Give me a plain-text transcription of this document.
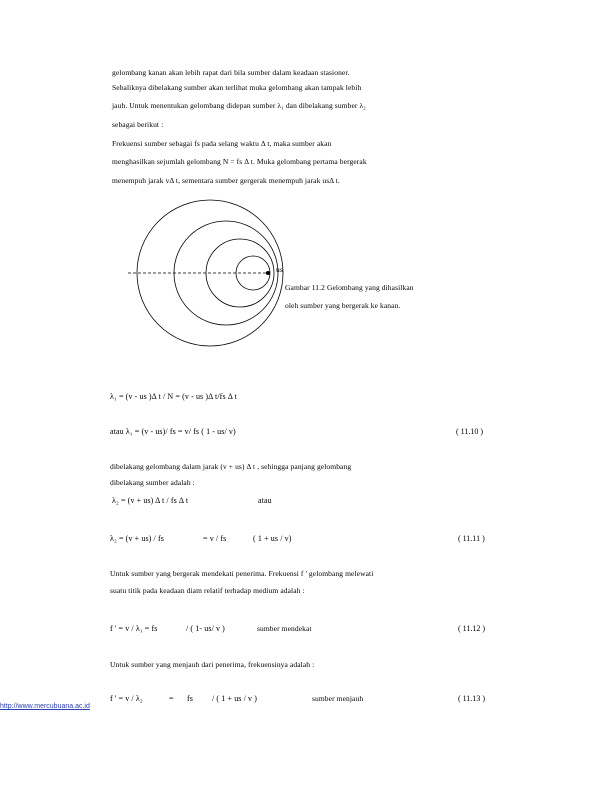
gelombang kanan akan lebih rapat dari bila sumber dalam keadaan stasioner.
Sebaliknya dibelakang sumber akan terlihat muka gelombang akan tampak lebih
jauh. Untuk menentukan gelombang didepan sumber λ₁ dan dibelakang sumber λ₂
sebagai berikut :
Frekuensi sumber sebagai fs pada selang waktu Δ t, maka sumber akan
menghasilkan sejumlah gelombang N = fs Δ t. Muka gelombang pertama bergerak
menempuh jarak vΔ t, sementara sumber gergerak menempuh jarak usΔ t.
us
Gambar 11.2 Gelombang yang dihasilkan
oleh sumber yang bergerak ke kanan.
λ₁ = (v - us )Δ t / N = (v - us )Δ t/fs Δ t
atau λ₁ = (v - us)/ fs = v/ fs ( 1 - us/ v)	( 11.10 )
dibelakang gelombang dalam jarak (v + us) Δ t , sehingga panjang gelombang
dibelakang sumber adalah :
λ₂ = (v + us) Δ t / fs Δ t	atau
λ₂ = (v + us) / fs	= v / fs	( 1 + us / v)	( 11.11 )
Untuk sumber yang bergerak mendekati penerima. Frekuensi f ' gelombang melewati
suatu titik pada keadaan diam relatif terhadap medium adalah :
f ' = v / λ₁ = fs	/ ( 1- us/ v )	sumber mendekat	( 11.12 )
Untuk sumber yang menjauh dari penerima, frekuensinya adalah :
f ' = v / λ₂	= fs / ( 1 + us / v )	sumber menjauh	( 11.13 )
http://www.mercubuana.ac.id
